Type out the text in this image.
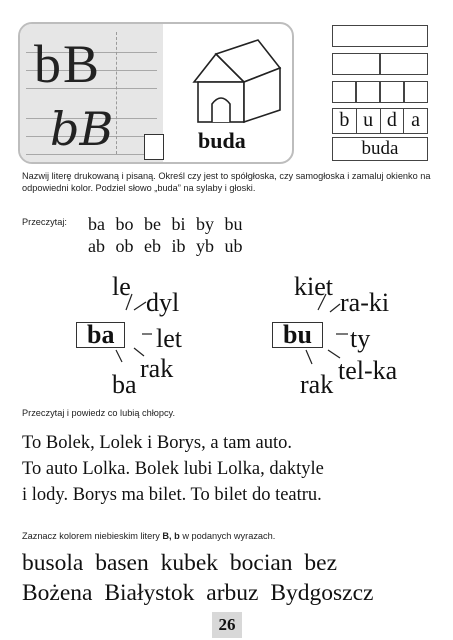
bB
bB	buda
b u d a
buda
Nazwij literę drukowaną i pisaną. Określ czy jest to spółgłoska, czy samogłoska i zamaluj okienko na odpowiedni kolor. Podziel słowo „buda” na sylaby i głoski.
Przeczytaj: ba bo be bi by bu
ab ob eb ib yb ub
le
dyl
ba	let
rak
ba
kiet
ra-ki
bu	ty
tel-ka
rak
Przeczytaj i powiedz co lubią chłopcy.
To Bolek, Lolek i Borys, a tam auto.
To auto Lolka. Bolek lubi Lolka, daktyle
i lody. Borys ma bilet. To bilet do teatru.
Zaznacz kolorem niebieskim litery B, b w podanych wyrazach.
busola basen kubek bocian bez
Bożena Białystok arbuz Bydgoszcz
26
